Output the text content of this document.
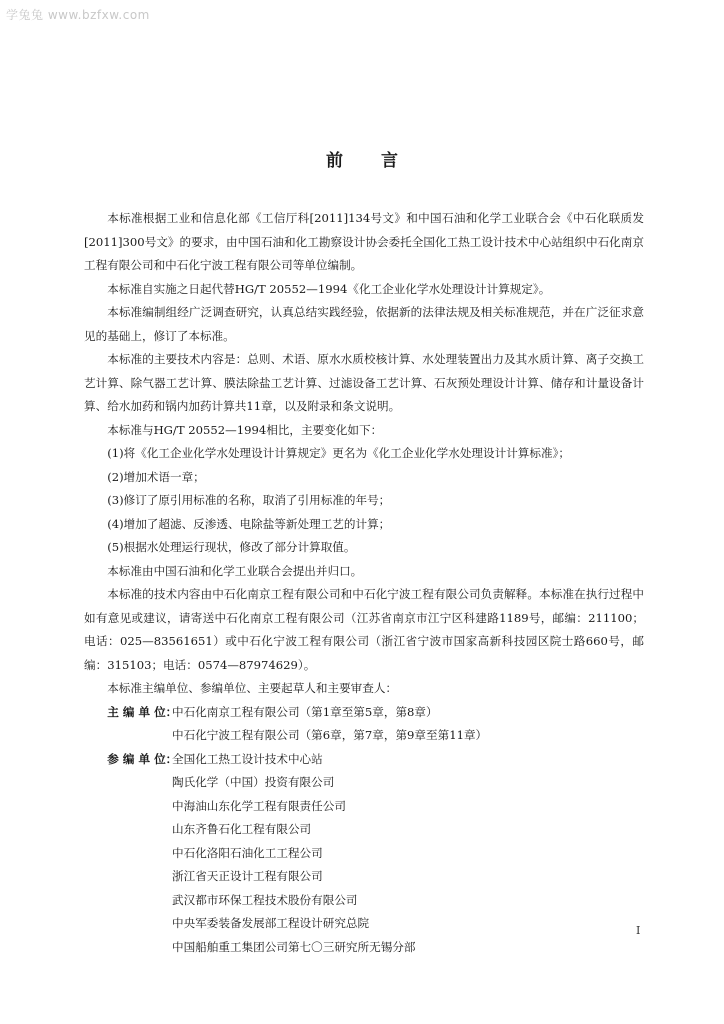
学兔兔 www.bzfxw.com
前言

本标准根据工业和信息化部《工信厅科[2011]134号文》和中国石油和化学工业联合会《中石化联质发[2011]300号文》的要求，由中国石油和化工勘察设计协会委托全国化工热工设计技术中心站组织中石化南京工程有限公司和中石化宁波工程有限公司等单位编制。

本标准自实施之日起代替HG/T 20552—1994《化工企业化学水处理设计计算规定》。

本标准编制组经广泛调查研究，认真总结实践经验，依据新的法律法规及相关标准规范，并在广泛征求意见的基础上，修订了本标准。

本标准的主要技术内容是：总则、术语、原水水质校核计算、水处理装置出力及其水质计算、离子交换工艺计算、除气器工艺计算、膜法除盐工艺计算、过滤设备工艺计算、石灰预处理设计计算、储存和计量设备计算、给水加药和锅内加药计算共11章，以及附录和条文说明。

本标准与HG/T 20552—1994相比，主要变化如下：

(1)将《化工企业化学水处理设计计算规定》更名为《化工企业化学水处理设计计算标准》；

(2)增加术语一章；

(3)修订了原引用标准的名称，取消了引用标准的年号；

(4)增加了超滤、反渗透、电除盐等新处理工艺的计算；

(5)根据水处理运行现状，修改了部分计算取值。

本标准由中国石油和化学工业联合会提出并归口。

本标准的技术内容由中石化南京工程有限公司和中石化宁波工程有限公司负责解释。本标准在执行过程中如有意见或建议，请寄送中石化南京工程有限公司（江苏省南京市江宁区科建路1189号，邮编：211100；电话：025—83561651）或中石化宁波工程有限公司（浙江省宁波市国家高新科技园区院士路660号，邮编：315103；电话：0574—87974629）。

本标准主编单位、参编单位、主要起草人和主要审查人：

主 编 单 位：
中石化南京工程有限公司（第1章至第5章，第8章）
中石化宁波工程有限公司（第6章，第7章，第9章至第11章）
参 编 单 位：
全国化工热工设计技术中心站
陶氏化学（中国）投资有限公司
中海油山东化学工程有限责任公司
山东齐鲁石化工程有限公司
中石化洛阳石油化工工程公司
浙江省天正设计工程有限公司
武汉都市环保工程技术股份有限公司
中央军委装备发展部工程设计研究总院
中国船舶重工集团公司第七〇三研究所无锡分部
I
